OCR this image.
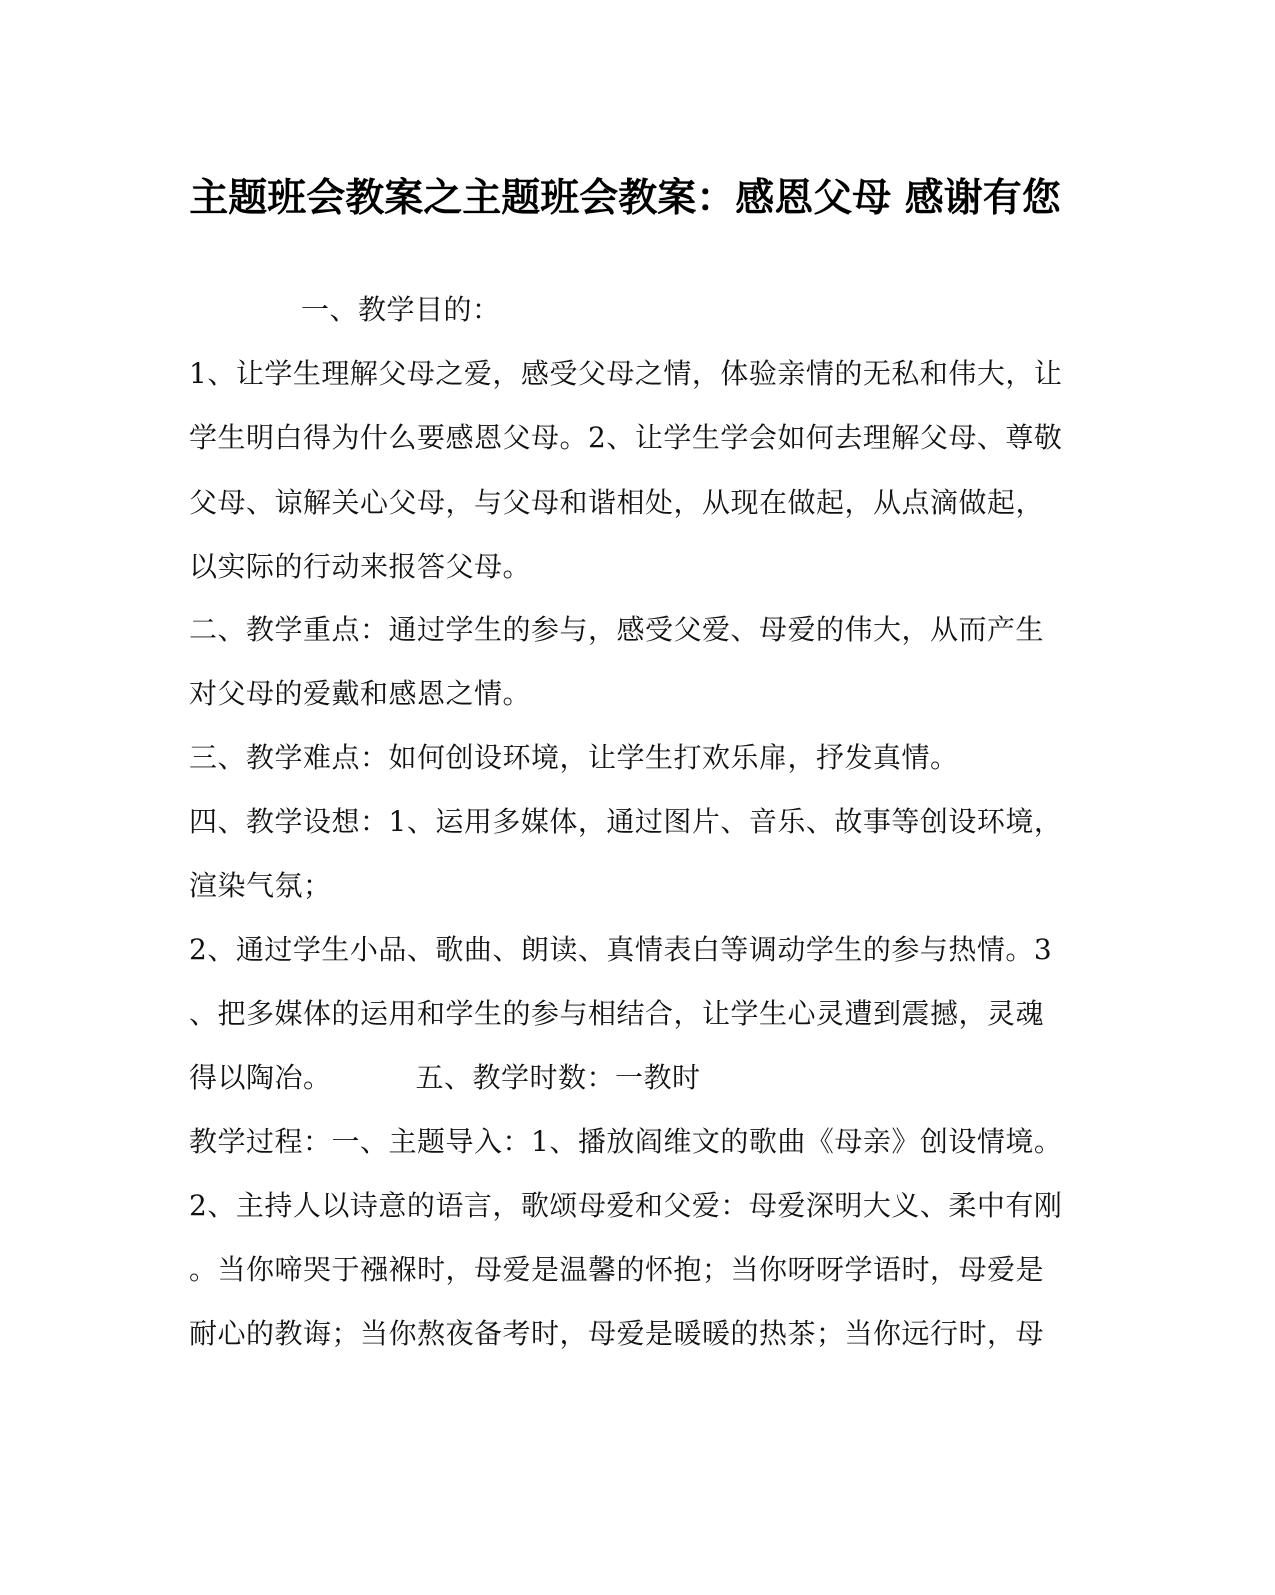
主题班会教案之主题班会教案：感恩父母 感谢有您
一、教学目的：
1、让学生理解父母之爱，感受父母之情，体验亲情的无私和伟大，让
学生明白得为什么要感恩父母。2、让学生学会如何去理解父母、尊敬
父母、谅解关心父母，与父母和谐相处，从现在做起，从点滴做起，
以实际的行动来报答父母。
二、教学重点：通过学生的参与，感受父爱、母爱的伟大，从而产生
对父母的爱戴和感恩之情。
三、教学难点：如何创设环境，让学生打欢乐扉，抒发真情。
四、教学设想：1、运用多媒体，通过图片、音乐、故事等创设环境，
渲染气氛；
2、通过学生小品、歌曲、朗读、真情表白等调动学生的参与热情。3
、把多媒体的运用和学生的参与相结合，让学生心灵遭到震撼，灵魂
得以陶冶。	五、教学时数：一教时
教学过程：一、主题导入：1、播放阎维文的歌曲《母亲》创设情境。
2、主持人以诗意的语言，歌颂母爱和父爱：母爱深明大义、柔中有刚
。当你啼哭于襁褓时，母爱是温馨的怀抱；当你呀呀学语时，母爱是
耐心的教诲；当你熬夜备考时，母爱是暖暖的热茶；当你远行时，母
